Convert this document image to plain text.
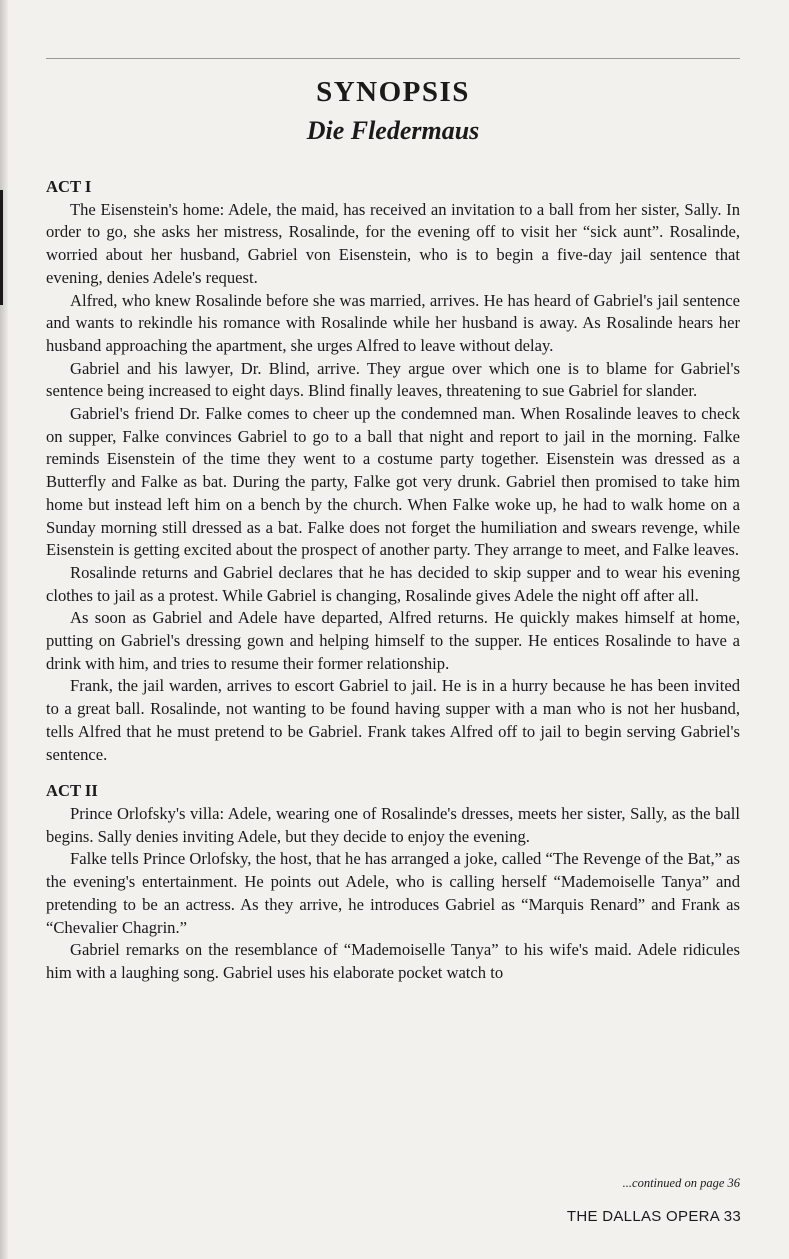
SYNOPSIS
Die Fledermaus
ACT I

The Eisenstein's home: Adele, the maid, has received an invitation to a ball from her sister, Sally. In order to go, she asks her mistress, Rosalinde, for the evening off to visit her “sick aunt”. Rosalinde, worried about her husband, Gabriel von Eisenstein, who is to begin a five-day jail sentence that evening, denies Adele's request.

Alfred, who knew Rosalinde before she was married, arrives. He has heard of Gabriel's jail sentence and wants to rekindle his romance with Rosalinde while her husband is away. As Rosalinde hears her husband approaching the apartment, she urges Alfred to leave without delay.

Gabriel and his lawyer, Dr. Blind, arrive. They argue over which one is to blame for Gabriel's sentence being increased to eight days. Blind finally leaves, threatening to sue Gabriel for slander.

Gabriel's friend Dr. Falke comes to cheer up the condemned man. When Rosalinde leaves to check on supper, Falke convinces Gabriel to go to a ball that night and report to jail in the morning. Falke reminds Eisenstein of the time they went to a costume party together. Eisenstein was dressed as a Butterfly and Falke as bat. During the party, Falke got very drunk. Gabriel then promised to take him home but instead left him on a bench by the church. When Falke woke up, he had to walk home on a Sunday morning still dressed as a bat. Falke does not forget the humiliation and swears revenge, while Eisenstein is getting excited about the prospect of another party. They arrange to meet, and Falke leaves.

Rosalinde returns and Gabriel declares that he has decided to skip supper and to wear his evening clothes to jail as a protest. While Gabriel is changing, Rosalinde gives Adele the night off after all.

As soon as Gabriel and Adele have departed, Alfred returns. He quickly makes himself at home, putting on Gabriel's dressing gown and helping himself to the supper. He entices Rosalinde to have a drink with him, and tries to resume their former relationship.

Frank, the jail warden, arrives to escort Gabriel to jail. He is in a hurry because he has been invited to a great ball. Rosalinde, not wanting to be found having supper with a man who is not her husband, tells Alfred that he must pretend to be Gabriel. Frank takes Alfred off to jail to begin serving Gabriel's sentence.

ACT II

Prince Orlofsky's villa: Adele, wearing one of Rosalinde's dresses, meets her sister, Sally, as the ball begins. Sally denies inviting Adele, but they decide to enjoy the evening.

Falke tells Prince Orlofsky, the host, that he has arranged a joke, called “The Revenge of the Bat,” as the evening's entertainment. He points out Adele, who is calling herself “Mademoiselle Tanya” and pretending to be an actress. As they arrive, he introduces Gabriel as “Marquis Renard” and Frank as “Chevalier Chagrin.”

Gabriel remarks on the resemblance of “Mademoiselle Tanya” to his wife's maid. Adele ridicules him with a laughing song. Gabriel uses his elaborate pocket watch to

...continued on page 36

THE DALLAS OPERA 33
